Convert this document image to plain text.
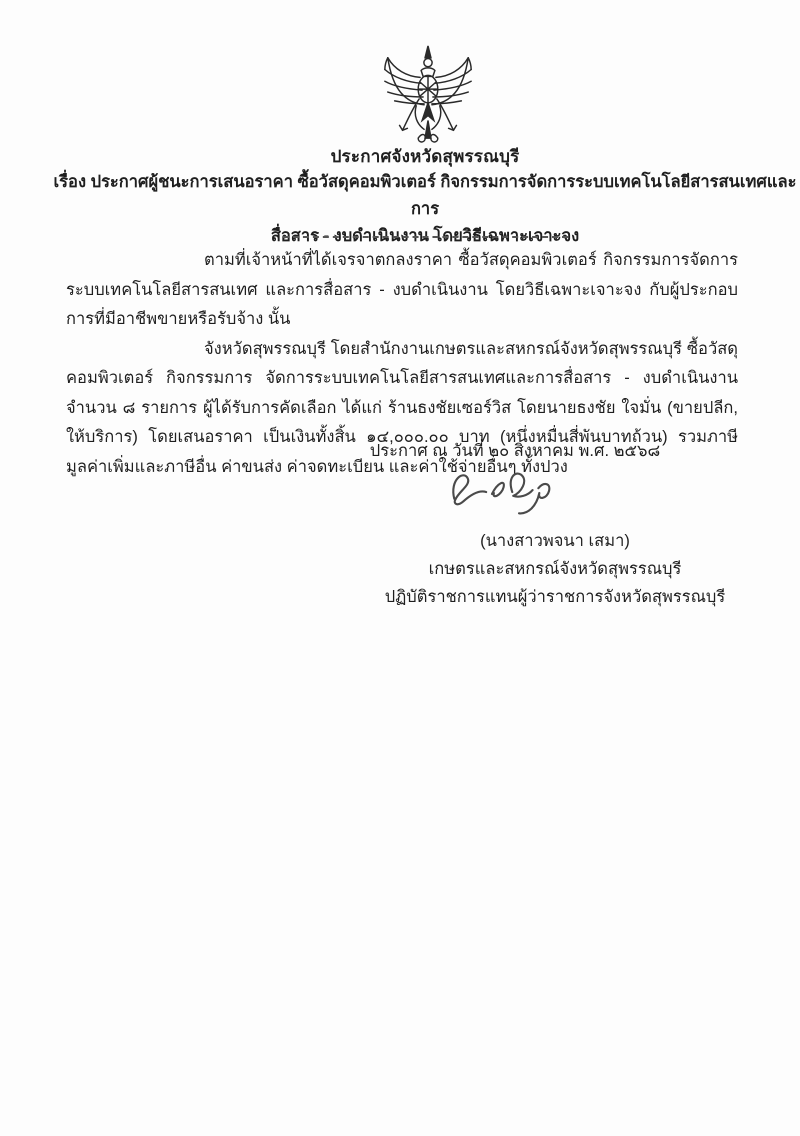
ประกาศจังหวัดสุพรรณบุรี
เรื่อง ประกาศผู้ชนะการเสนอราคา ซื้อวัสดุคอมพิวเตอร์ กิจกรรมการจัดการระบบเทคโนโลยีสารสนเทศและการ
สื่อสาร - งบดำเนินงาน โดยวิธีเฉพาะเจาะจง

ตามที่เจ้าหน้าที่ได้เจรจาตกลงราคา ซื้อวัสดุคอมพิวเตอร์ กิจกรรมการจัดการระบบเทคโนโลยีสารสนเทศ และการสื่อสาร - งบดำเนินงาน โดยวิธีเฉพาะเจาะจง กับผู้ประกอบการที่มีอาชีพขายหรือรับจ้าง นั้น

จังหวัดสุพรรณบุรี โดยสำนักงานเกษตรและสหกรณ์จังหวัดสุพรรณบุรี ซื้อวัสดุคอมพิวเตอร์ กิจกรรมการ จัดการระบบเทคโนโลยีสารสนเทศและการสื่อสาร - งบดำเนินงาน จำนวน ๘ รายการ ผู้ได้รับการคัดเลือก ได้แก่ ร้านธงชัยเซอร์วิส โดยนายธงชัย ใจมั่น (ขายปลีก, ให้บริการ) โดยเสนอราคา เป็นเงินทั้งสิ้น ๑๔,๐๐๐.๐๐ บาท (หนึ่งหมื่นสี่พันบาทถ้วน) รวมภาษีมูลค่าเพิ่มและภาษีอื่น ค่าขนส่ง ค่าจดทะเบียน และค่าใช้จ่ายอื่นๆ ทั้งปวง

ประกาศ ณ วันที่ ๒๐ สิงหาคม พ.ศ. ๒๕๖๘
(นางสาวพจนา เสมา)
เกษตรและสหกรณ์จังหวัดสุพรรณบุรี
ปฏิบัติราชการแทนผู้ว่าราชการจังหวัดสุพรรณบุรี
